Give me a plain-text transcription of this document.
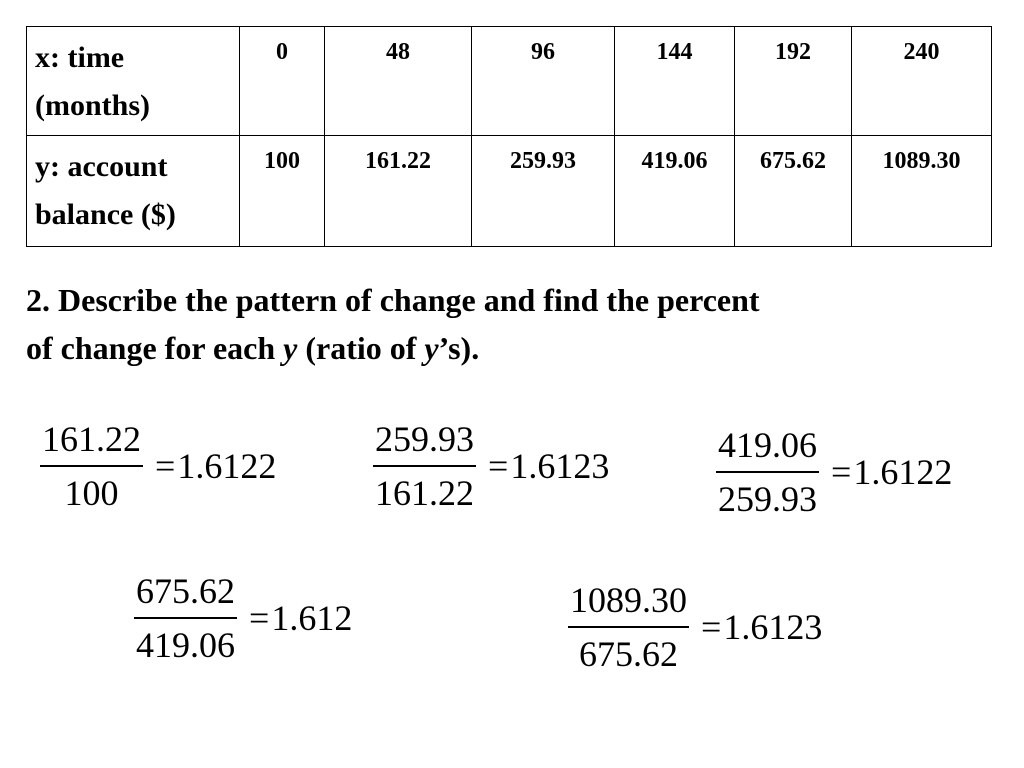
x: time
(months)	0	48	96	144	192	240

y: account
balance ($)	100	161.22	259.93	419.06	675.62	1089.30
2. Describe the pattern of change and find the percent
of change for each y (ratio of y’s).
$\frac{161.22}{100} = 1.6122$	$\frac{259.93}{161.22} = 1.6123$	$\frac{419.06}{259.93} = 1.6122$
$\frac{675.62}{419.06} = 1.612$	$\frac{1089.30}{675.62} = 1.6123$
